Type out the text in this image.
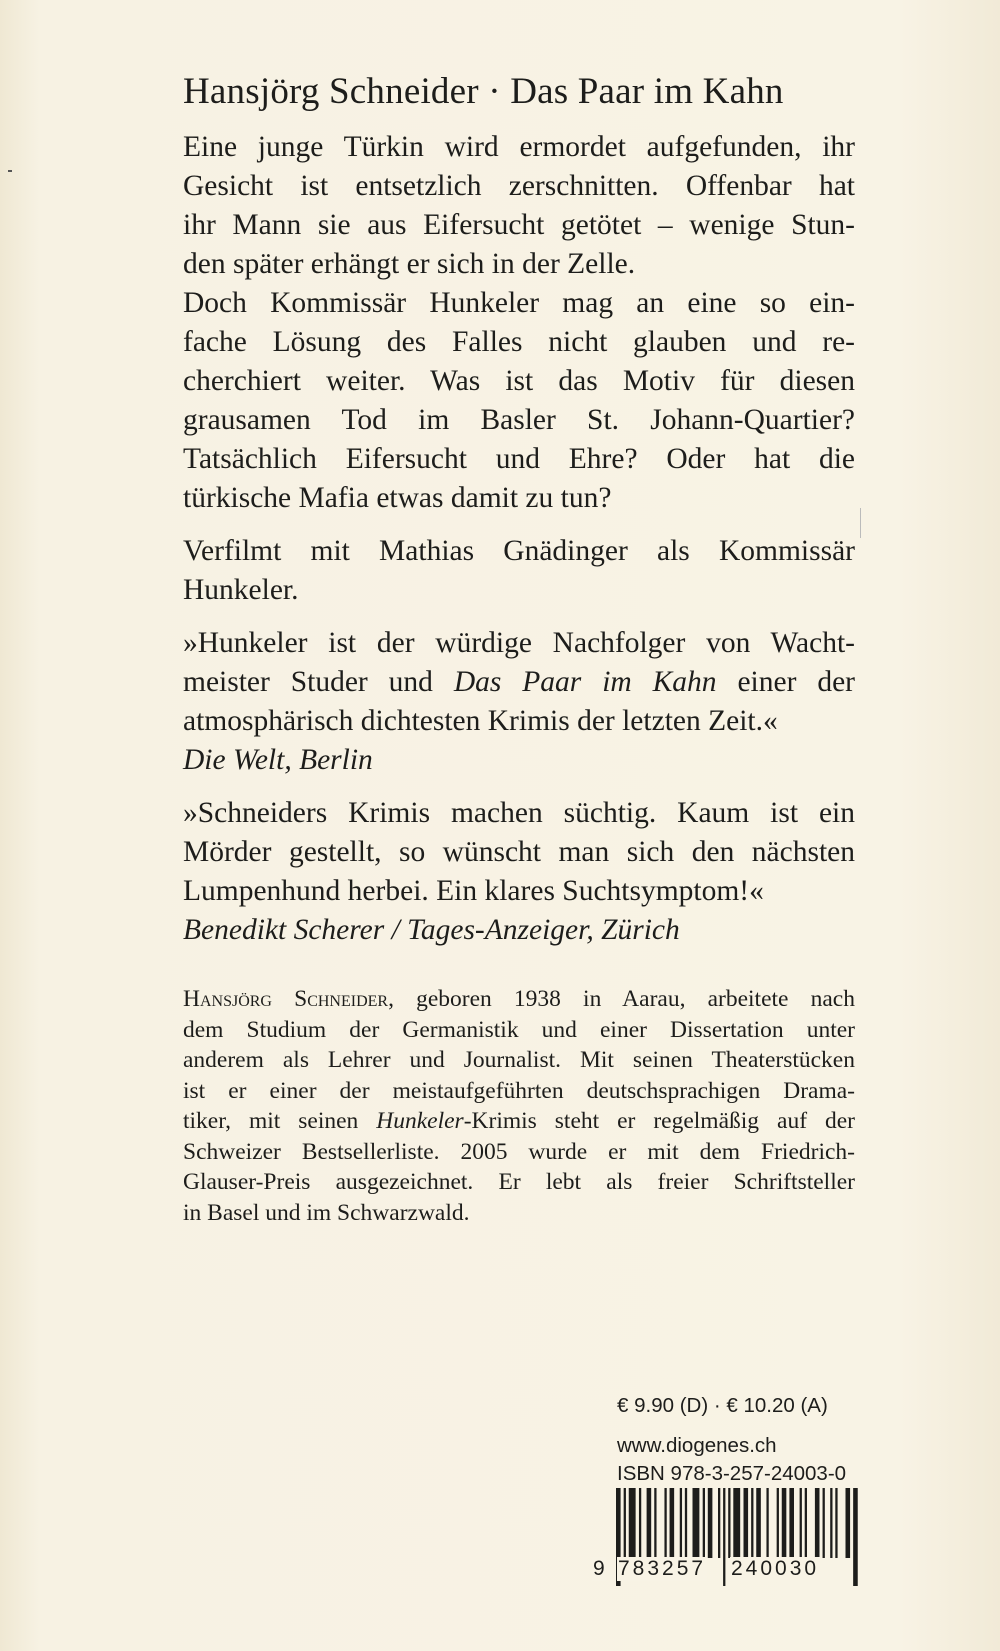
Hansjörg Schneider · Das Paar im Kahn
Eine junge Türkin wird ermordet aufgefunden, ihr
Gesicht ist entsetzlich zerschnitten. Offenbar hat
ihr Mann sie aus Eifersucht getötet – wenige Stun-
den später erhängt er sich in der Zelle.
Doch Kommissär Hunkeler mag an eine so ein-
fache Lösung des Falles nicht glauben und re-
cherchiert weiter. Was ist das Motiv für diesen
grausamen Tod im Basler St. Johann-Quartier?
Tatsächlich Eifersucht und Ehre? Oder hat die
türkische Mafia etwas damit zu tun?
Verfilmt mit Mathias Gnädinger als Kommissär
Hunkeler.
»Hunkeler ist der würdige Nachfolger von Wacht-
meister Studer und Das Paar im Kahn einer der
atmosphärisch dichtesten Krimis der letzten Zeit.«
Die Welt, Berlin
»Schneiders Krimis machen süchtig. Kaum ist ein
Mörder gestellt, so wünscht man sich den nächsten
Lumpenhund herbei. Ein klares Suchtsymptom!«
Benedikt Scherer / Tages-Anzeiger, Zürich
Hansjörg Schneider, geboren 1938 in Aarau, arbeitete nach
dem Studium der Germanistik und einer Dissertation unter
anderem als Lehrer und Journalist. Mit seinen Theaterstücken
ist er einer der meistaufgeführten deutschsprachigen Drama-
tiker, mit seinen Hunkeler-Krimis steht er regelmäßig auf der
Schweizer Bestsellerliste. 2005 wurde er mit dem Friedrich-
Glauser-Preis ausgezeichnet. Er lebt als freier Schriftsteller
in Basel und im Schwarzwald.
€ 9.90 (D) · € 10.20 (A)
www.diogenes.ch
ISBN 978-3-257-24003-0
9 783257 240030
